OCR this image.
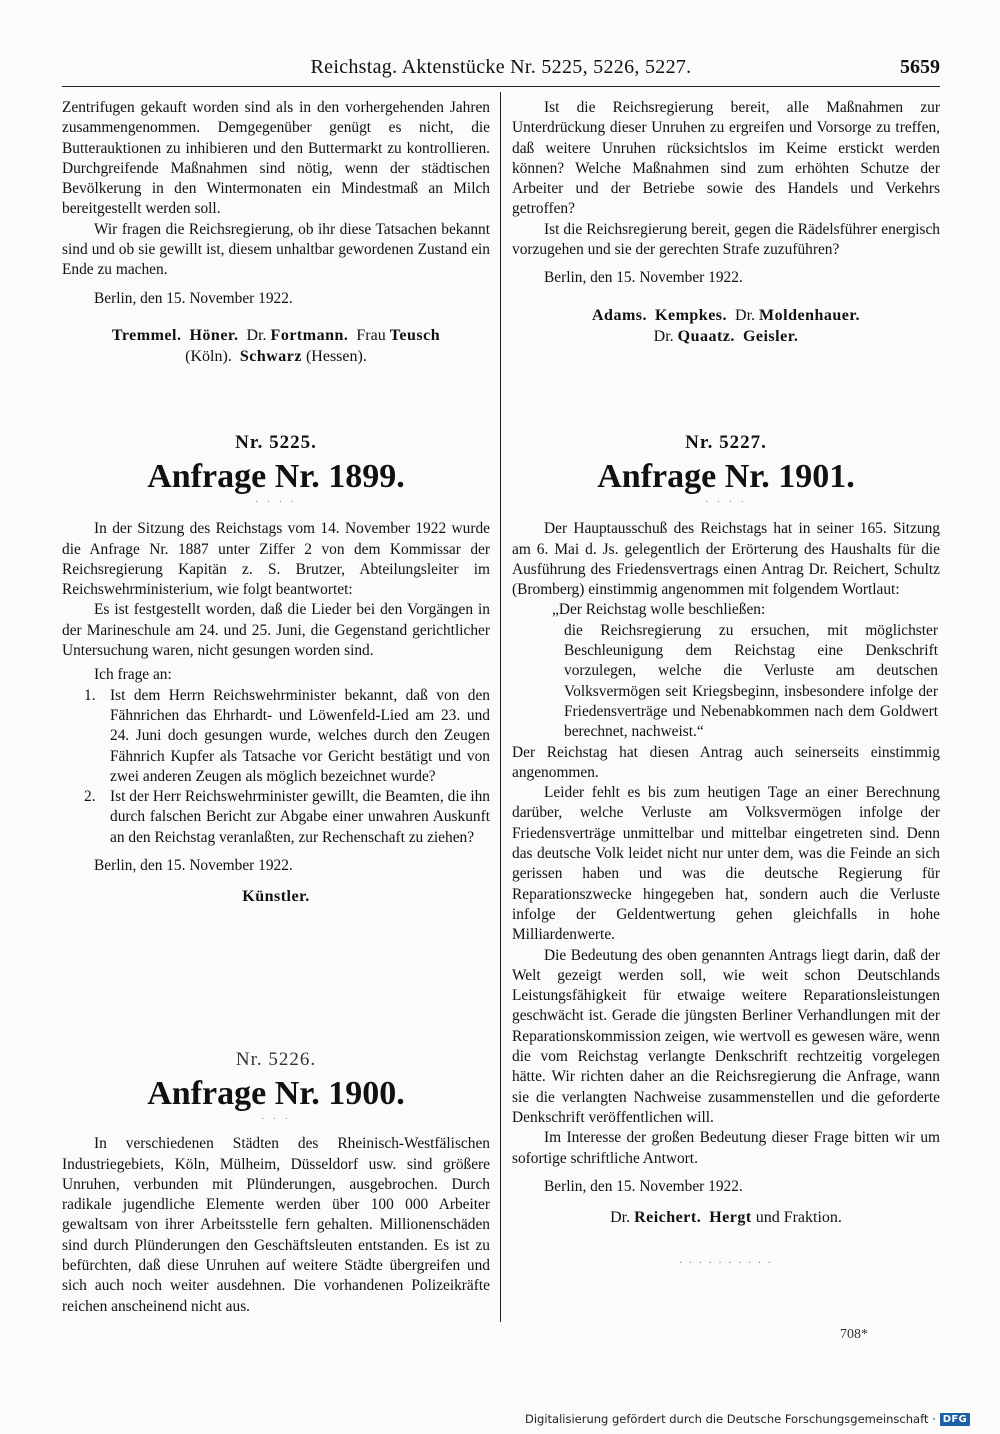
Reichstag. Aktenstücke Nr. 5225, 5226, 5227.	5659

Zentrifugen gekauft worden sind als in den vorhergehenden Jahren zusammengenommen. Demgegenüber genügt es nicht, die Butterauktionen zu inhibieren und den Buttermarkt zu kontrollieren. Durchgreifende Maßnahmen sind nötig, wenn der städtischen Bevölkerung in den Wintermonaten ein Mindestmaß an Milch bereitgestellt werden soll.

Wir fragen die Reichsregierung, ob ihr diese Tatsachen bekannt sind und ob sie gewillt ist, diesem unhaltbar gewordenen Zustand ein Ende zu machen.

Berlin, den 15. November 1922.

Tremmel. Höner. Dr. Fortmann. Frau Teusch
(Köln). Schwarz (Hessen).
Nr. 5225.
Anfrage Nr. 1899.
· · · ·

In der Sitzung des Reichstags vom 14. November 1922 wurde die Anfrage Nr. 1887 unter Ziffer 2 von dem Kommissar der Reichsregierung Kapitän z. S. Brutzer, Abteilungsleiter im Reichswehrministerium, wie folgt beantwortet:

Es ist festgestellt worden, daß die Lieder bei den Vorgängen in der Marineschule am 24. und 25. Juni, die Gegenstand gerichtlicher Untersuchung waren, nicht gesungen worden sind.

Ich frage an:

1. Ist dem Herrn Reichswehrminister bekannt, daß von den Fähnrichen das Ehrhardt- und Löwenfeld-Lied am 23. und 24. Juni doch gesungen wurde, welches durch den Zeugen Fähnrich Kupfer als Tatsache vor Gericht bestätigt und von zwei anderen Zeugen als möglich bezeichnet wurde?
2. Ist der Herr Reichswehrminister gewillt, die Beamten, die ihn durch falschen Bericht zur Abgabe einer unwahren Auskunft an den Reichstag veranlaßten, zur Rechenschaft zu ziehen?

Berlin, den 15. November 1922.

Künstler.
Nr. 5226.
Anfrage Nr. 1900.
· · ·

In verschiedenen Städten des Rheinisch-Westfälischen Industriegebiets, Köln, Mülheim, Düsseldorf usw. sind größere Unruhen, verbunden mit Plünderungen, ausgebrochen. Durch radikale jugendliche Elemente werden über 100 000 Arbeiter gewaltsam von ihrer Arbeitsstelle fern gehalten. Millionenschäden sind durch Plünderungen den Geschäftsleuten entstanden. Es ist zu befürchten, daß diese Unruhen auf weitere Städte übergreifen und sich auch noch weiter ausdehnen. Die vorhandenen Polizeikräfte reichen anscheinend nicht aus.

Ist die Reichsregierung bereit, alle Maßnahmen zur Unterdrückung dieser Unruhen zu ergreifen und Vorsorge zu treffen, daß weitere Unruhen rücksichtslos im Keime erstickt werden können? Welche Maßnahmen sind zum erhöhten Schutze der Arbeiter und der Betriebe sowie des Handels und Verkehrs getroffen?

Ist die Reichsregierung bereit, gegen die Rädelsführer energisch vorzugehen und sie der gerechten Strafe zuzuführen?

Berlin, den 15. November 1922.

Adams. Kempkes. Dr. Moldenhauer.
Dr. Quaatz. Geisler.
Nr. 5227.
Anfrage Nr. 1901.
· · · ·

Der Hauptausschuß des Reichstags hat in seiner 165. Sitzung am 6. Mai d. Js. gelegentlich der Erörterung des Haushalts für die Ausführung des Friedensvertrags einen Antrag Dr. Reichert, Schultz (Bromberg) einstimmig angenommen mit folgendem Wortlaut:

„Der Reichstag wolle beschließen:

die Reichsregierung zu ersuchen, mit möglichster Beschleunigung dem Reichstag eine Denkschrift vorzulegen, welche die Verluste am deutschen Volksvermögen seit Kriegsbeginn, insbesondere infolge der Friedensverträge und Nebenabkommen nach dem Goldwert berechnet, nachweist.“

Der Reichstag hat diesen Antrag auch seinerseits einstimmig angenommen.

Leider fehlt es bis zum heutigen Tage an einer Berechnung darüber, welche Verluste am Volksvermögen infolge der Friedensverträge unmittelbar und mittelbar eingetreten sind. Denn das deutsche Volk leidet nicht nur unter dem, was die Feinde an sich gerissen haben und was die deutsche Regierung für Reparationszwecke hingegeben hat, sondern auch die Verluste infolge der Geldentwertung gehen gleichfalls in hohe Milliardenwerte.

Die Bedeutung des oben genannten Antrags liegt darin, daß der Welt gezeigt werden soll, wie weit schon Deutschlands Leistungsfähigkeit für etwaige weitere Reparationsleistungen geschwächt ist. Gerade die jüngsten Berliner Verhandlungen mit der Reparationskommission zeigen, wie wertvoll es gewesen wäre, wenn die vom Reichstag verlangte Denkschrift rechtzeitig vorgelegen hätte. Wir richten daher an die Reichsregierung die Anfrage, wann sie die verlangten Nachweise zusammenstellen und die geforderte Denkschrift veröffentlichen will.

Im Interesse der großen Bedeutung dieser Frage bitten wir um sofortige schriftliche Antwort.

Berlin, den 15. November 1922.

Dr. Reichert. Hergt und Fraktion.
· · · · · · · · · ·
708*
Digitalisierung gefördert durch die Deutsche Forschungsgemeinschaft · DFG
